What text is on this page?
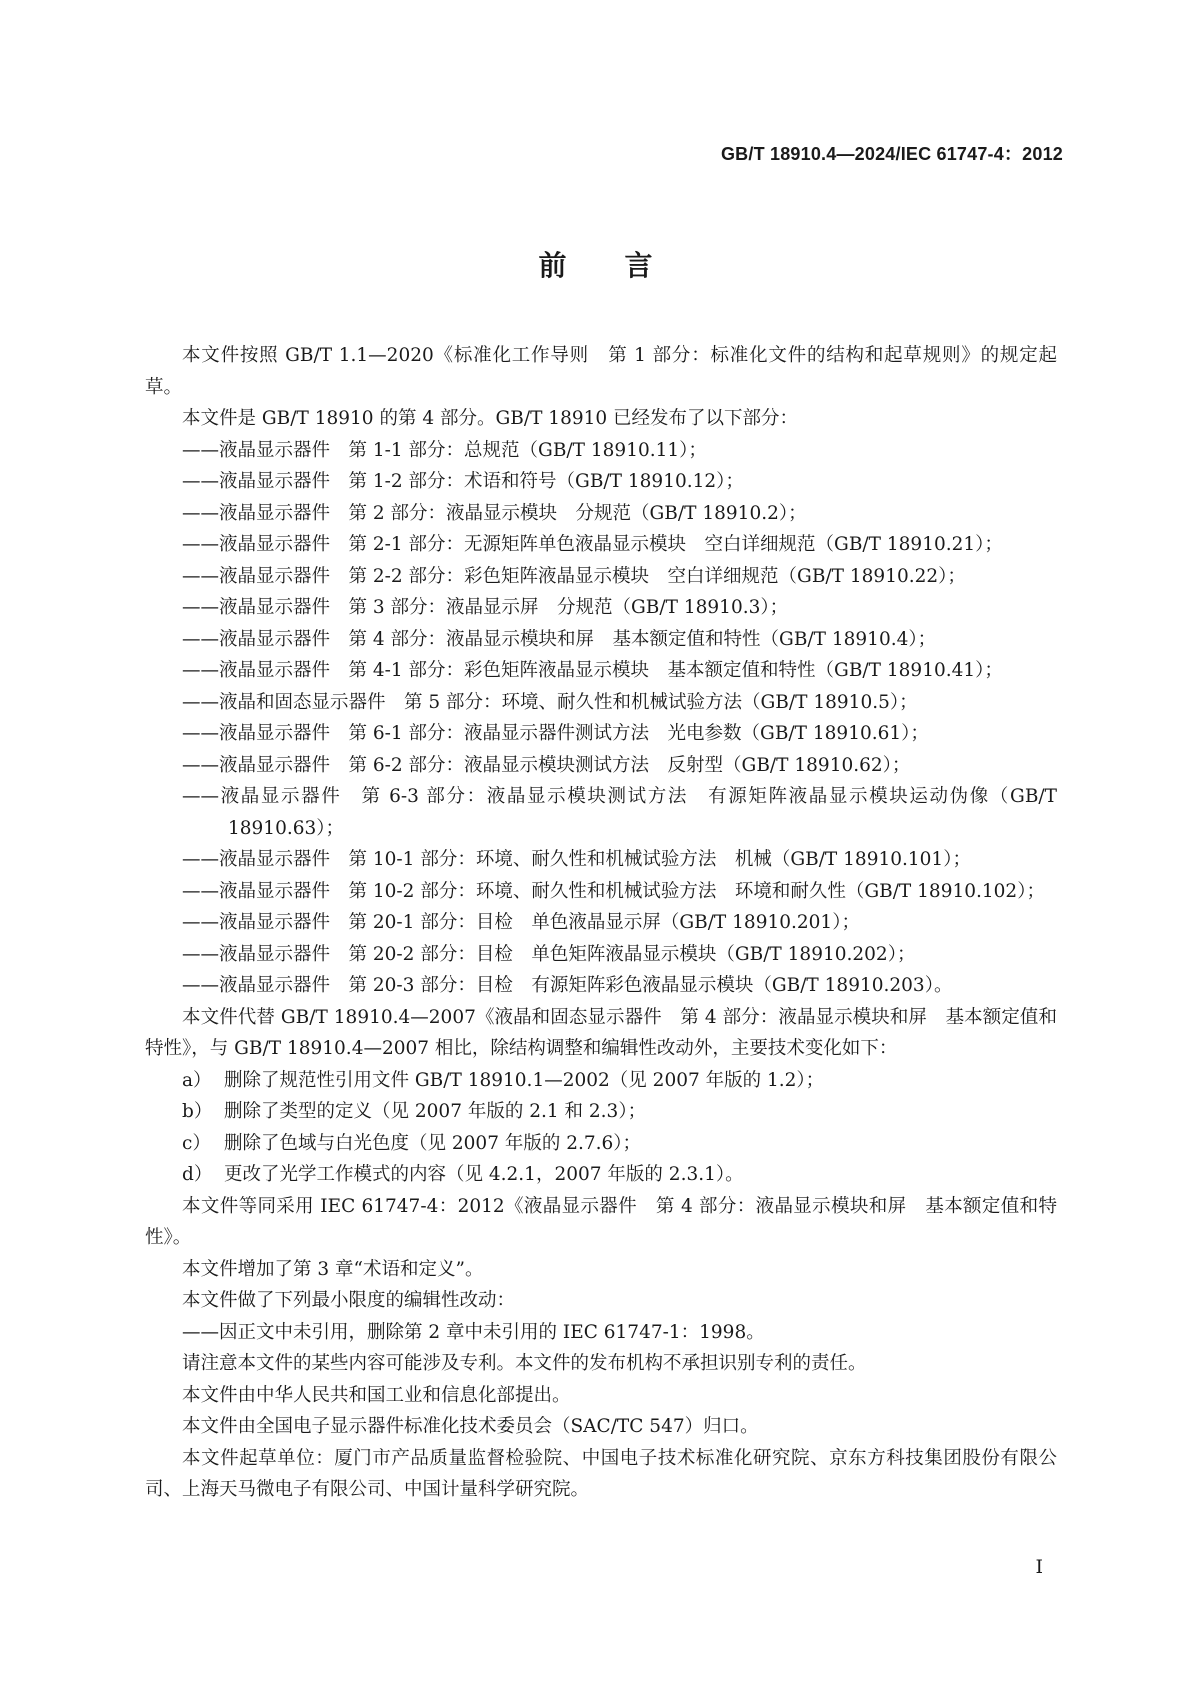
GB/T 18910.4—2024/IEC 61747-4：2012
前言

本文件按照 GB/T 1.1—2020《标准化工作导则　第 1 部分：标准化文件的结构和起草规则》的规定起草。

本文件是 GB/T 18910 的第 4 部分。GB/T 18910 已经发布了以下部分：

——液晶显示器件　第 1-1 部分：总规范（GB/T 18910.11）；

——液晶显示器件　第 1-2 部分：术语和符号（GB/T 18910.12）；

——液晶显示器件　第 2 部分：液晶显示模块　分规范（GB/T 18910.2）；

——液晶显示器件　第 2-1 部分：无源矩阵单色液晶显示模块　空白详细规范（GB/T 18910.21）；

——液晶显示器件　第 2-2 部分：彩色矩阵液晶显示模块　空白详细规范（GB/T 18910.22）；

——液晶显示器件　第 3 部分：液晶显示屏　分规范（GB/T 18910.3）；

——液晶显示器件　第 4 部分：液晶显示模块和屏　基本额定值和特性（GB/T 18910.4）；

——液晶显示器件　第 4-1 部分：彩色矩阵液晶显示模块　基本额定值和特性（GB/T 18910.41）；

——液晶和固态显示器件　第 5 部分：环境、耐久性和机械试验方法（GB/T 18910.5）；

——液晶显示器件　第 6-1 部分：液晶显示器件测试方法　光电参数（GB/T 18910.61）；

——液晶显示器件　第 6-2 部分：液晶显示模块测试方法　反射型（GB/T 18910.62）；

——液晶显示器件　第 6-3 部分：液晶显示模块测试方法　有源矩阵液晶显示模块运动伪像（GB/T 18910.63）；

——液晶显示器件　第 10-1 部分：环境、耐久性和机械试验方法　机械（GB/T 18910.101）；

——液晶显示器件　第 10-2 部分：环境、耐久性和机械试验方法　环境和耐久性（GB/T 18910.102）；

——液晶显示器件　第 20-1 部分：目检　单色液晶显示屏（GB/T 18910.201）；

——液晶显示器件　第 20-2 部分：目检　单色矩阵液晶显示模块（GB/T 18910.202）；

——液晶显示器件　第 20-3 部分：目检　有源矩阵彩色液晶显示模块（GB/T 18910.203）。

本文件代替 GB/T 18910.4—2007《液晶和固态显示器件　第 4 部分：液晶显示模块和屏　基本额定值和特性》，与 GB/T 18910.4—2007 相比，除结构调整和编辑性改动外，主要技术变化如下：

a） 删除了规范性引用文件 GB/T 18910.1—2002（见 2007 年版的 1.2）；

b） 删除了类型的定义（见 2007 年版的 2.1 和 2.3）；

c） 删除了色域与白光色度（见 2007 年版的 2.7.6）；

d） 更改了光学工作模式的内容（见 4.2.1，2007 年版的 2.3.1）。

本文件等同采用 IEC 61747-4：2012《液晶显示器件　第 4 部分：液晶显示模块和屏　基本额定值和特性》。

本文件增加了第 3 章“术语和定义”。

本文件做了下列最小限度的编辑性改动：

——因正文中未引用，删除第 2 章中未引用的 IEC 61747-1：1998。

请注意本文件的某些内容可能涉及专利。本文件的发布机构不承担识别专利的责任。

本文件由中华人民共和国工业和信息化部提出。

本文件由全国电子显示器件标准化技术委员会（SAC/TC 547）归口。

本文件起草单位：厦门市产品质量监督检验院、中国电子技术标准化研究院、京东方科技集团股份有限公司、上海天马微电子有限公司、中国计量科学研究院。

I
